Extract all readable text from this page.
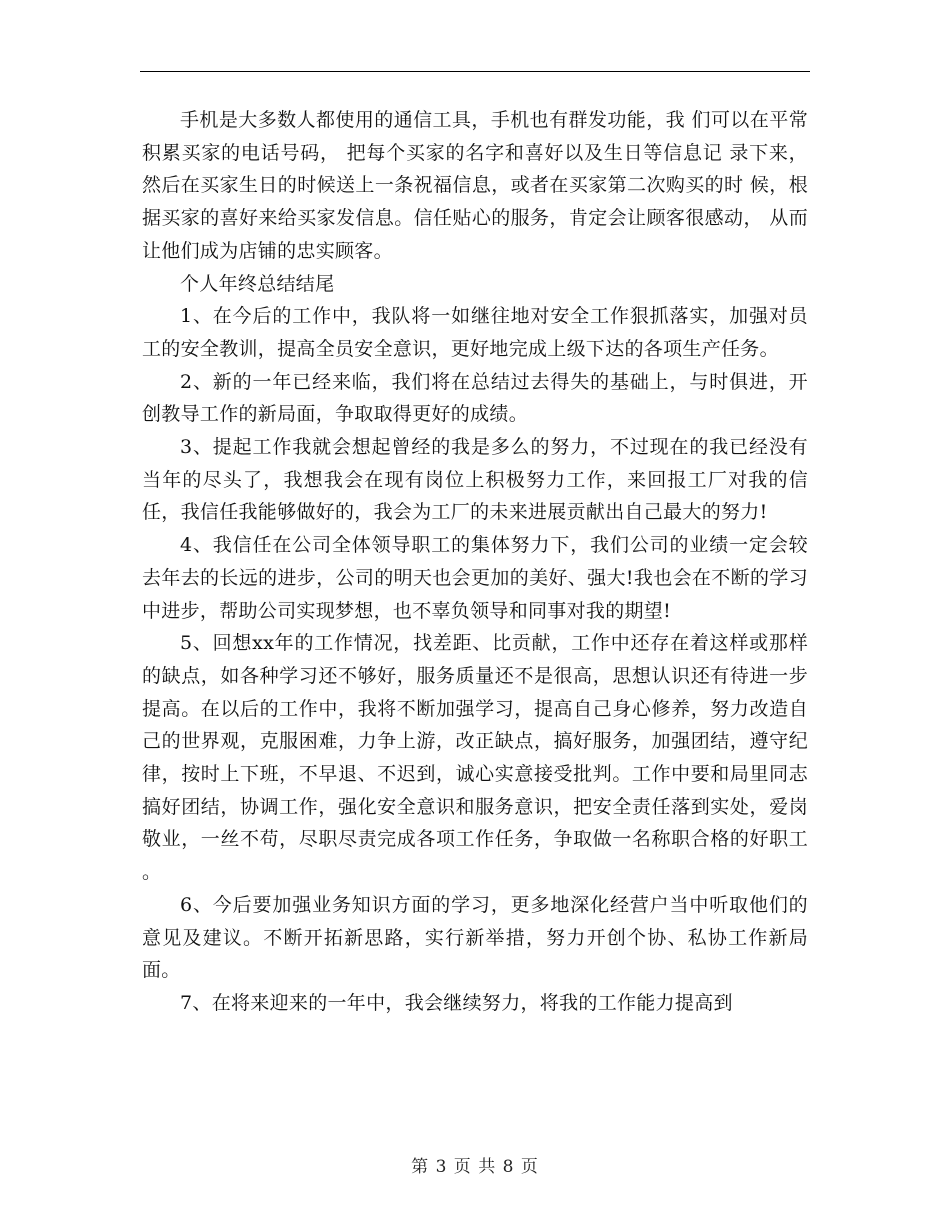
手机是大多数人都使用的通信工具，手机也有群发功能，我 们可以在平常积累买家的电话号码， 把每个买家的名字和喜好以及生日等信息记 录下来，然后在买家生日的时候送上一条祝福信息，或者在买家第二次购买的时 候，根据买家的喜好来给买家发信息。信任贴心的服务，肯定会让顾客很感动， 从而让他们成为店铺的忠实顾客。

个人年终总结结尾

1、在今后的工作中，我队将一如继往地对安全工作狠抓落实，加强对员工的安全教训，提高全员安全意识，更好地完成上级下达的各项生产任务。

2、新的一年已经来临，我们将在总结过去得失的基础上，与时俱进，开创教导工作的新局面，争取取得更好的成绩。

3、提起工作我就会想起曾经的我是多么的努力，不过现在的我已经没有当年的尽头了，我想我会在现有岗位上积极努力工作，来回报工厂对我的信任，我信任我能够做好的，我会为工厂的未来进展贡献出自己最大的努力!

4、我信任在公司全体领导职工的集体努力下，我们公司的业绩一定会较去年去的长远的进步，公司的明天也会更加的美好、强大!我也会在不断的学习中进步，帮助公司实现梦想，也不辜负领导和同事对我的期望!

5、回想xx年的工作情况，找差距、比贡献，工作中还存在着这样或那样的缺点，如各种学习还不够好，服务质量还不是很高，思想认识还有待进一步提高。在以后的工作中，我将不断加强学习，提高自己身心修养，努力改造自己的世界观，克服困难，力争上游，改正缺点，搞好服务，加强团结，遵守纪律，按时上下班，不早退、不迟到，诚心实意接受批判。工作中要和局里同志搞好团结，协调工作，强化安全意识和服务意识，把安全责任落到实处，爱岗敬业，一丝不苟，尽职尽责完成各项工作任务，争取做一名称职合格的好职工 。

6、今后要加强业务知识方面的学习，更多地深化经营户当中听取他们的意见及建议。不断开拓新思路，实行新举措，努力开创个协、私协工作新局面。

7、在将来迎来的一年中，我会继续努力，将我的工作能力提高到

第 3 页 共 8 页
